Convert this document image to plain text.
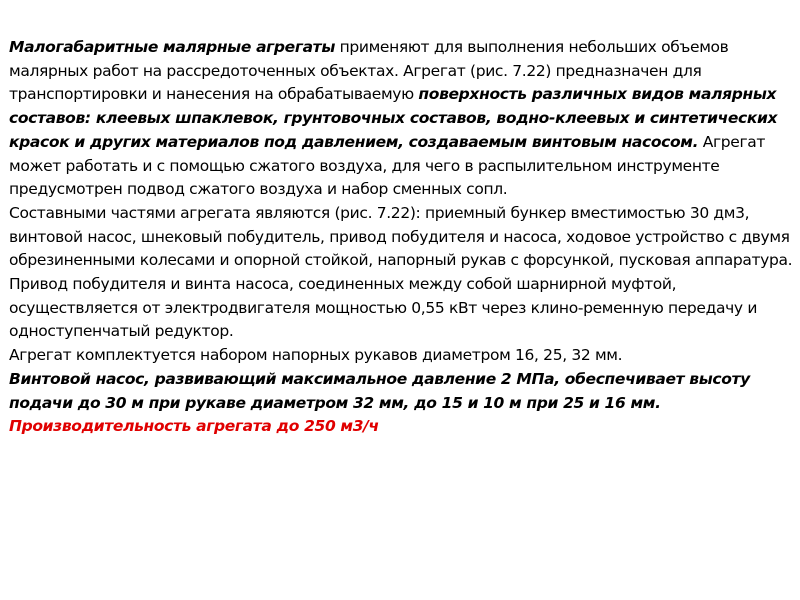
Малогабаритные малярные агрегаты применяют для выполнения небольших объемов малярных работ на рассредоточенных объектах. Агрегат (рис. 7.22) предназначен для транспортировки и нанесения на обрабатываемую поверхность различных видов малярных составов: клеевых шпаклевок, грунтовочных составов, водно-клеевых и синтетических красок и других материалов под давлением, создаваемым винтовым насосом. Агрегат может работать и с помощью сжатого воздуха, для чего в распылительном инструменте предусмотрен подвод сжатого воздуха и набор сменных сопл.

Составными частями агрегата являются (рис. 7.22): приемный бункер вместимостью 30 дм3, винтовой насос, шнековый побудитель, привод побудителя и насоса, ходовое устройство с двумя обрезиненными колесами и опорной стойкой, напорный рукав с форсункой, пусковая аппаратура. Привод побудителя и винта насоса, соединенных между собой шарнирной муфтой, осуществляется от электродвигателя мощностью 0,55 кВт через клино-ременную передачу и одноступенчатый редуктор.

Агрегат комплектуется набором напорных рукавов диаметром 16, 25, 32 мм.

Винтовой насос, развивающий максимальное давление 2 МПа, обеспечивает высоту подачи до 30 м при рукаве диаметром 32 мм, до 15 и 10 м при 25 и 16 мм.

Производительность агрегата до 250 м3/ч
